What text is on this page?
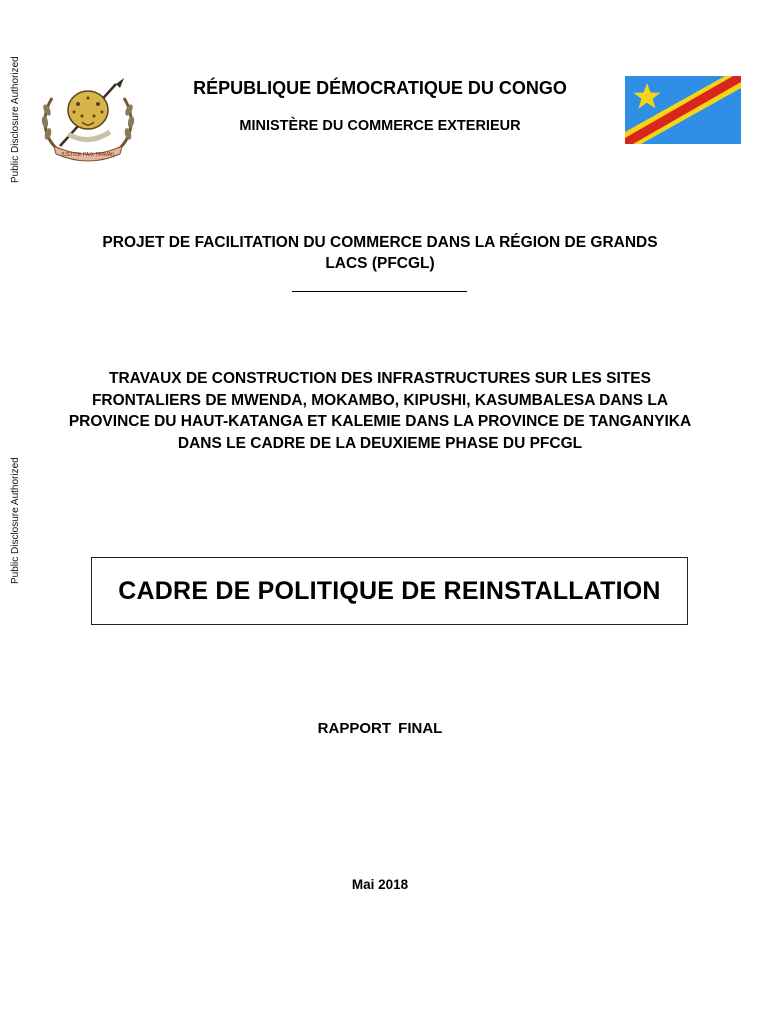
Public Disclosure Authorized
Public Disclosure Authorized
JUSTICE PAIX TRAVAIL
RÉPUBLIQUE DÉMOCRATIQUE DU CONGO
MINISTÈRE DU COMMERCE EXTERIEUR
PROJET DE FACILITATION DU COMMERCE DANS LA RÉGION DE GRANDS LACS (PFCGL)
TRAVAUX DE CONSTRUCTION DES INFRASTRUCTURES SUR LES SITES FRONTALIERS DE MWENDA, MOKAMBO, KIPUSHI, KASUMBALESA DANS LA PROVINCE DU HAUT-KATANGA ET KALEMIE DANS LA PROVINCE DE TANGANYIKA DANS LE CADRE DE LA DEUXIEME PHASE DU PFCGL
CADRE DE POLITIQUE DE REINSTALLATION
RAPPORT FINAL
Mai 2018
